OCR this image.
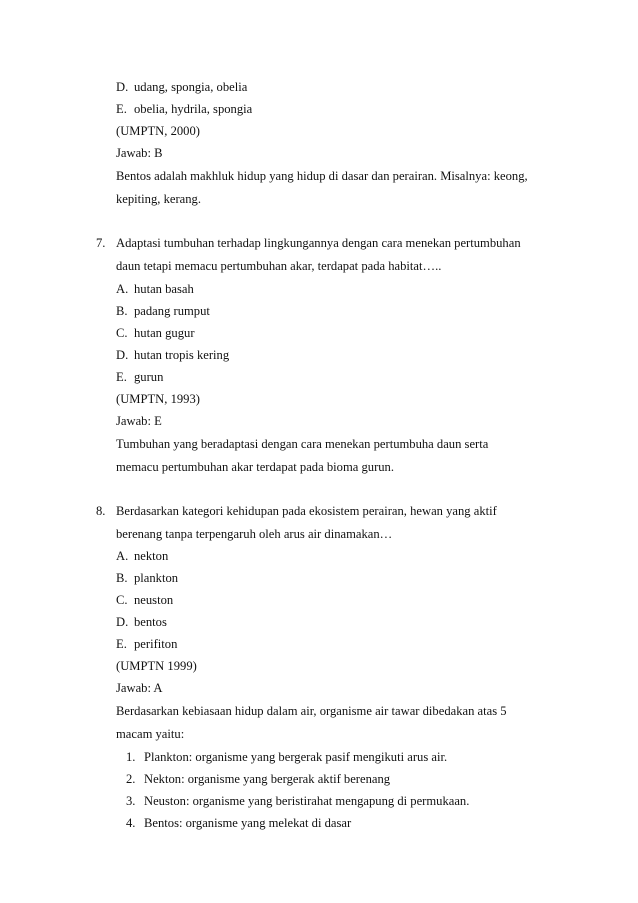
D. udang, spongia, obelia
E. obelia, hydrila, spongia
(UMPTN, 2000)
Jawab: B
Bentos adalah makhluk hidup yang hidup di dasar dan perairan. Misalnya: keong,
kepiting, kerang.
7. Adaptasi tumbuhan terhadap lingkungannya dengan cara menekan pertumbuhan
daun tetapi memacu pertumbuhan akar, terdapat pada habitat…..
A. hutan basah
B. padang rumput
C. hutan gugur
D. hutan tropis kering
E. gurun
(UMPTN, 1993)
Jawab: E
Tumbuhan yang beradaptasi dengan cara menekan pertumbuha daun serta
memacu pertumbuhan akar terdapat pada bioma gurun.
8. Berdasarkan kategori kehidupan pada ekosistem perairan, hewan yang aktif
berenang tanpa terpengaruh oleh arus air dinamakan…
A. nekton
B. plankton
C. neuston
D. bentos
E. perifiton
(UMPTN 1999)
Jawab: A
Berdasarkan kebiasaan hidup dalam air, organisme air tawar dibedakan atas 5
macam yaitu:
1. Plankton: organisme yang bergerak pasif mengikuti arus air.
2. Nekton: organisme yang bergerak aktif berenang
3. Neuston: organisme yang beristirahat mengapung di permukaan.
4. Bentos: organisme yang melekat di dasar
